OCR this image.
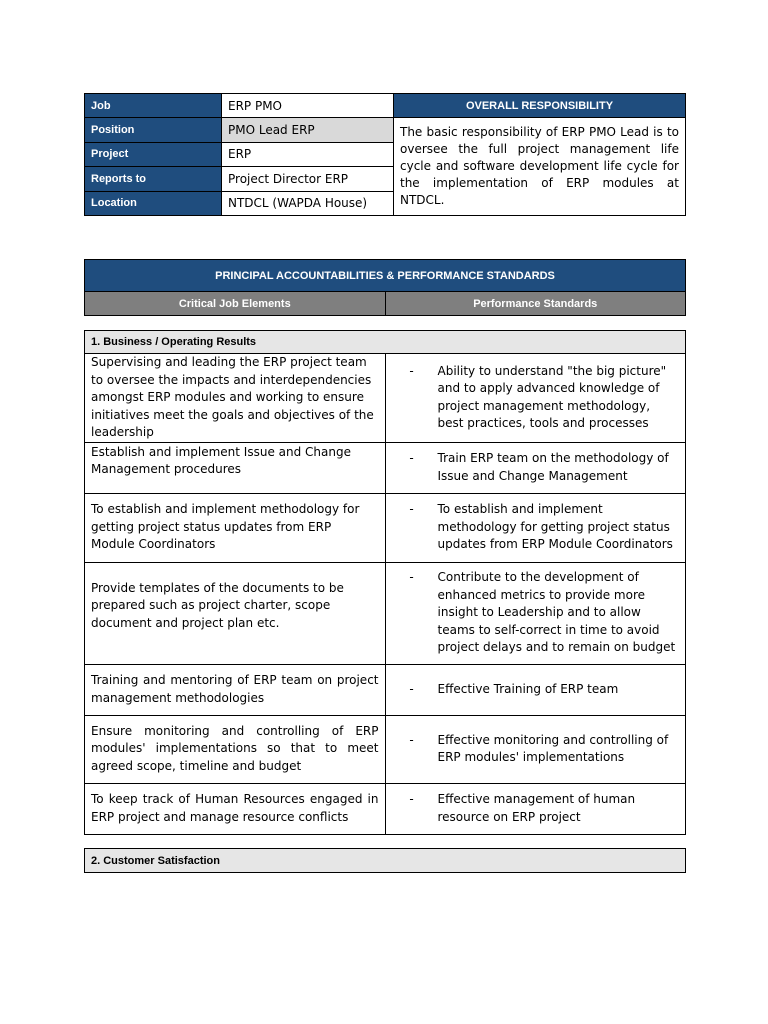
Job	ERP PMO	OVERALL RESPONSIBILITY
Position	PMO Lead ERP	The basic responsibility of ERP PMO Lead is to oversee the full project management life cycle and software development life cycle for the implementation of ERP modules at NTDCL.
Project	ERP	
Reports to	Project Director ERP	
Location	NTDCL (WAPDA House)	
PRINCIPAL ACCOUNTABILITIES & PERFORMANCE STANDARDS
Critical Job Elements	Performance Standards
1. Business / Operating Results	
Supervising and leading the ERP project team to oversee the impacts and interdependencies amongst ERP modules and working to ensure initiatives meet the goals and objectives of the leadership	- Ability to understand "the big picture" and to apply advanced knowledge of project management methodology, best practices, tools and processes

Establish and implement Issue and Change Management procedures	- Train ERP team on the methodology of Issue and Change Management

To establish and implement methodology for getting project status updates from ERP Module Coordinators	- To establish and implement methodology for getting project status updates from ERP Module Coordinators

Provide templates of the documents to be prepared such as project charter, scope document and project plan etc.	- Contribute to the development of enhanced metrics to provide more insight to Leadership and to allow teams to self-correct in time to avoid project delays and to remain on budget

Training and mentoring of ERP team on project management methodologies	- Effective Training of ERP team

Ensure monitoring and controlling of ERP modules' implementations so that to meet agreed scope, timeline and budget	- Effective monitoring and controlling of ERP modules' implementations

To keep track of Human Resources engaged in ERP project and manage resource conflicts	- Effective management of human resource on ERP project
2. Customer Satisfaction
